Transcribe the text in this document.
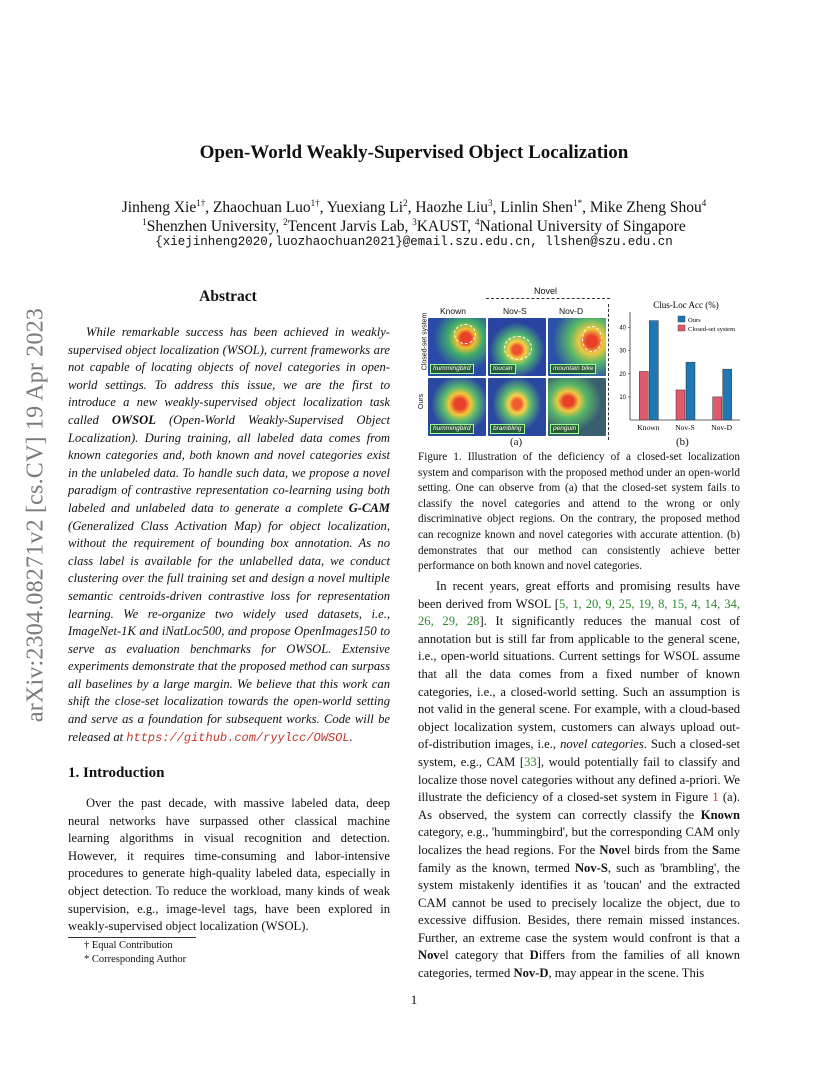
arXiv:2304.08271v2 [cs.CV] 19 Apr 2023
Open-World Weakly-Supervised Object Localization
Jinheng Xie$^{1\dagger}$, Zhaochuan Luo$^{1\dagger}$, Yuexiang Li$^2$, Haozhe Liu$^3$, Linlin Shen$^{1*}$, Mike Zheng Shou$^4$
$^1$Shenzhen University, $^2$Tencent Jarvis Lab, $^3$KAUST, $^4$National University of Singapore
{xiejinheng2020,luozhaochuan2021}@email.szu.edu.cn, llshen@szu.edu.cn
Abstract

While remarkable success has been achieved in weakly-supervised object localization (WSOL), current frameworks are not capable of locating objects of novel categories in open-world settings. To address this issue, we are the first to introduce a new weakly-supervised object localization task called OWSOL (Open-World Weakly-Supervised Object Localization). During training, all labeled data comes from known categories and, both known and novel categories exist in the unlabeled data. To handle such data, we propose a novel paradigm of contrastive representation co-learning using both labeled and unlabeled data to generate a complete G-CAM (Generalized Class Activation Map) for object localization, without the requirement of bounding box annotation. As no class label is available for the unlabelled data, we conduct clustering over the full training set and design a novel multiple semantic centroids-driven contrastive loss for representation learning. We re-organize two widely used datasets, i.e., ImageNet-1K and iNatLoc500, and propose OpenImages150 to serve as evaluation benchmarks for OWSOL. Extensive experiments demonstrate that the proposed method can surpass all baselines by a large margin. We believe that this work can shift the close-set localization towards the open-world setting and serve as a foundation for subsequent works. Code will be released at https://github.com/ryylcc/OWSOL.

1. Introduction

Over the past decade, with massive labeled data, deep neural networks have surpassed other classical machine learning algorithms in visual recognition and detection. However, it requires time-consuming and labor-intensive procedures to generate high-quality labeled data, especially in object detection. To reduce the workload, many kinds of weak supervision, e.g., image-level tags, have been explored in weakly-supervised object localization (WSOL).

† Equal Contribution
* Corresponding Author
1
Novel
Known	Nov-S	Nov-D
Closed-set system
Ours
hummingbird	toucan	mountain bike
hummingbird	brambling	penguin
(a)
Clus-Loc Acc (%)
10
20
30
40
Known Nov-S Nov-D
Ours
Closed-set system
(b)
Figure 1. Illustration of the deficiency of a closed-set localization system and comparison with the proposed method under an open-world setting. One can observe from (a) that the closed-set system fails to classify the novel categories and attend to the wrong or only discriminative object regions. On the contrary, the proposed method can recognize known and novel categories with accurate attention. (b) demonstrates that our method can consistently achieve better performance on both known and novel categories.

In recent years, great efforts and promising results have been derived from WSOL [5, 1, 20, 9, 25, 19, 8, 15, 4, 14, 34, 26, 29, 28]. It significantly reduces the manual cost of annotation but is still far from applicable to the general scene, i.e., open-world situations. Current settings for WSOL assume that all the data comes from a fixed number of known categories, i.e., a closed-world setting. Such an assumption is not valid in the general scene. For example, with a cloud-based object localization system, customers can always upload out-of-distribution images, i.e., novel categories. Such a closed-set system, e.g., CAM [33], would potentially fail to classify and localize those novel categories without any defined a-priori. We illustrate the deficiency of a closed-set system in Figure 1 (a). As observed, the system can correctly classify the Known category, e.g., 'hummingbird', but the corresponding CAM only localizes the head regions. For the Novel birds from the Same family as the known, termed Nov-S, such as 'brambling', the system mistakenly identifies it as 'toucan' and the extracted CAM cannot be used to precisely localize the object, due to excessive diffusion. Besides, there remain missed instances. Further, an extreme case the system would confront is that a Novel category that Differs from the families of all known categories, termed Nov-D, may appear in the scene. This
